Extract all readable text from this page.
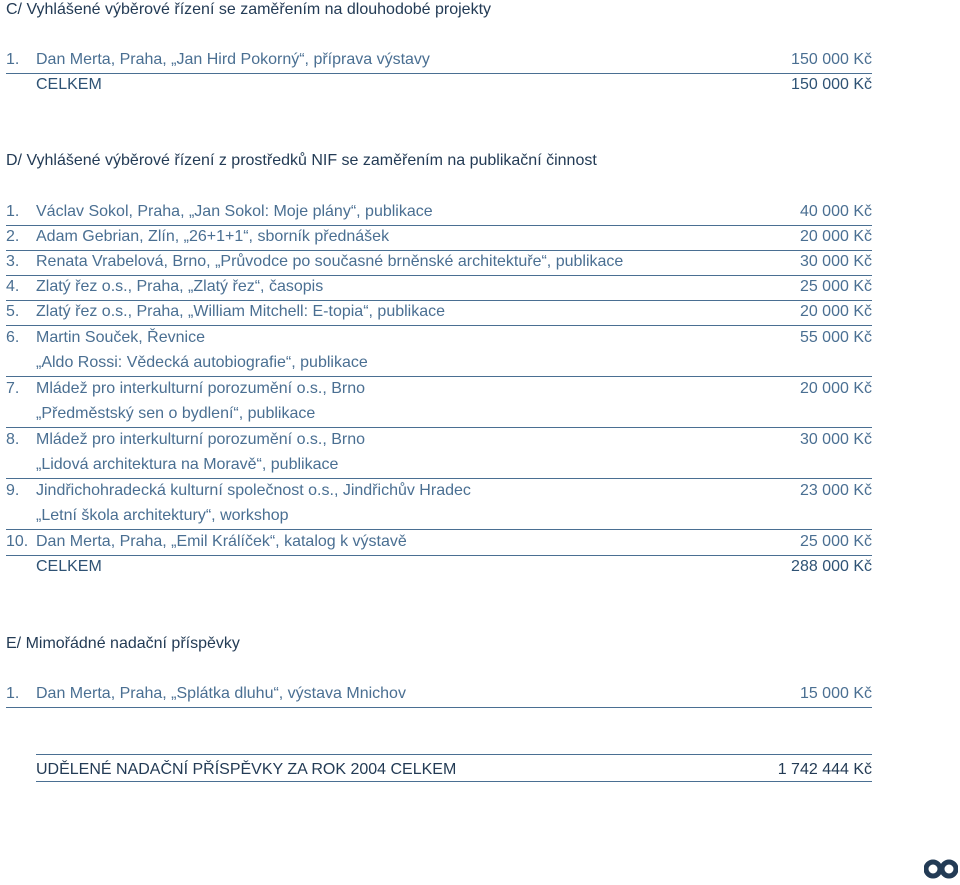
C/ Vyhlášené výběrové řízení se zaměřením na dlouhodobé projekty
1. Dan Merta, Praha, „Jan Hird Pokorný“, příprava výstavy	150 000 Kč
CELKEM	150 000 Kč
D/ Vyhlášené výběrové řízení z prostředků NIF se zaměřením na publikační činnost
1. Václav Sokol, Praha, „Jan Sokol: Moje plány“, publikace	40 000 Kč
2. Adam Gebrian, Zlín, „26+1+1“, sborník přednášek	20 000 Kč
3. Renata Vrabelová, Brno, „Průvodce po současné brněnské architektuře“, publikace	30 000 Kč
4. Zlatý řez o.s., Praha, „Zlatý řez“, časopis	25 000 Kč
5. Zlatý řez o.s., Praha, „William Mitchell: E-topia“, publikace	20 000 Kč
6. Martin Souček, Řevnice	55 000 Kč
„Aldo Rossi: Vědecká autobiografie“, publikace
7. Mládež pro interkulturní porozumění o.s., Brno	20 000 Kč
„Předměstský sen o bydlení“, publikace
8. Mládež pro interkulturní porozumění o.s., Brno	30 000 Kč
„Lidová architektura na Moravě“, publikace
9. Jindřichohradecká kulturní společnost o.s., Jindřichův Hradec	23 000 Kč
„Letní škola architektury“, workshop
10. Dan Merta, Praha, „Emil Králíček“, katalog k výstavě	25 000 Kč
CELKEM	288 000 Kč
E/ Mimořádné nadační příspěvky
1. Dan Merta, Praha, „Splátka dluhu“, výstava Mnichov	15 000 Kč
UDĚLENÉ NADAČNÍ PŘÍSPĚVKY ZA ROK 2004 CELKEM	1 742 444 Kč
